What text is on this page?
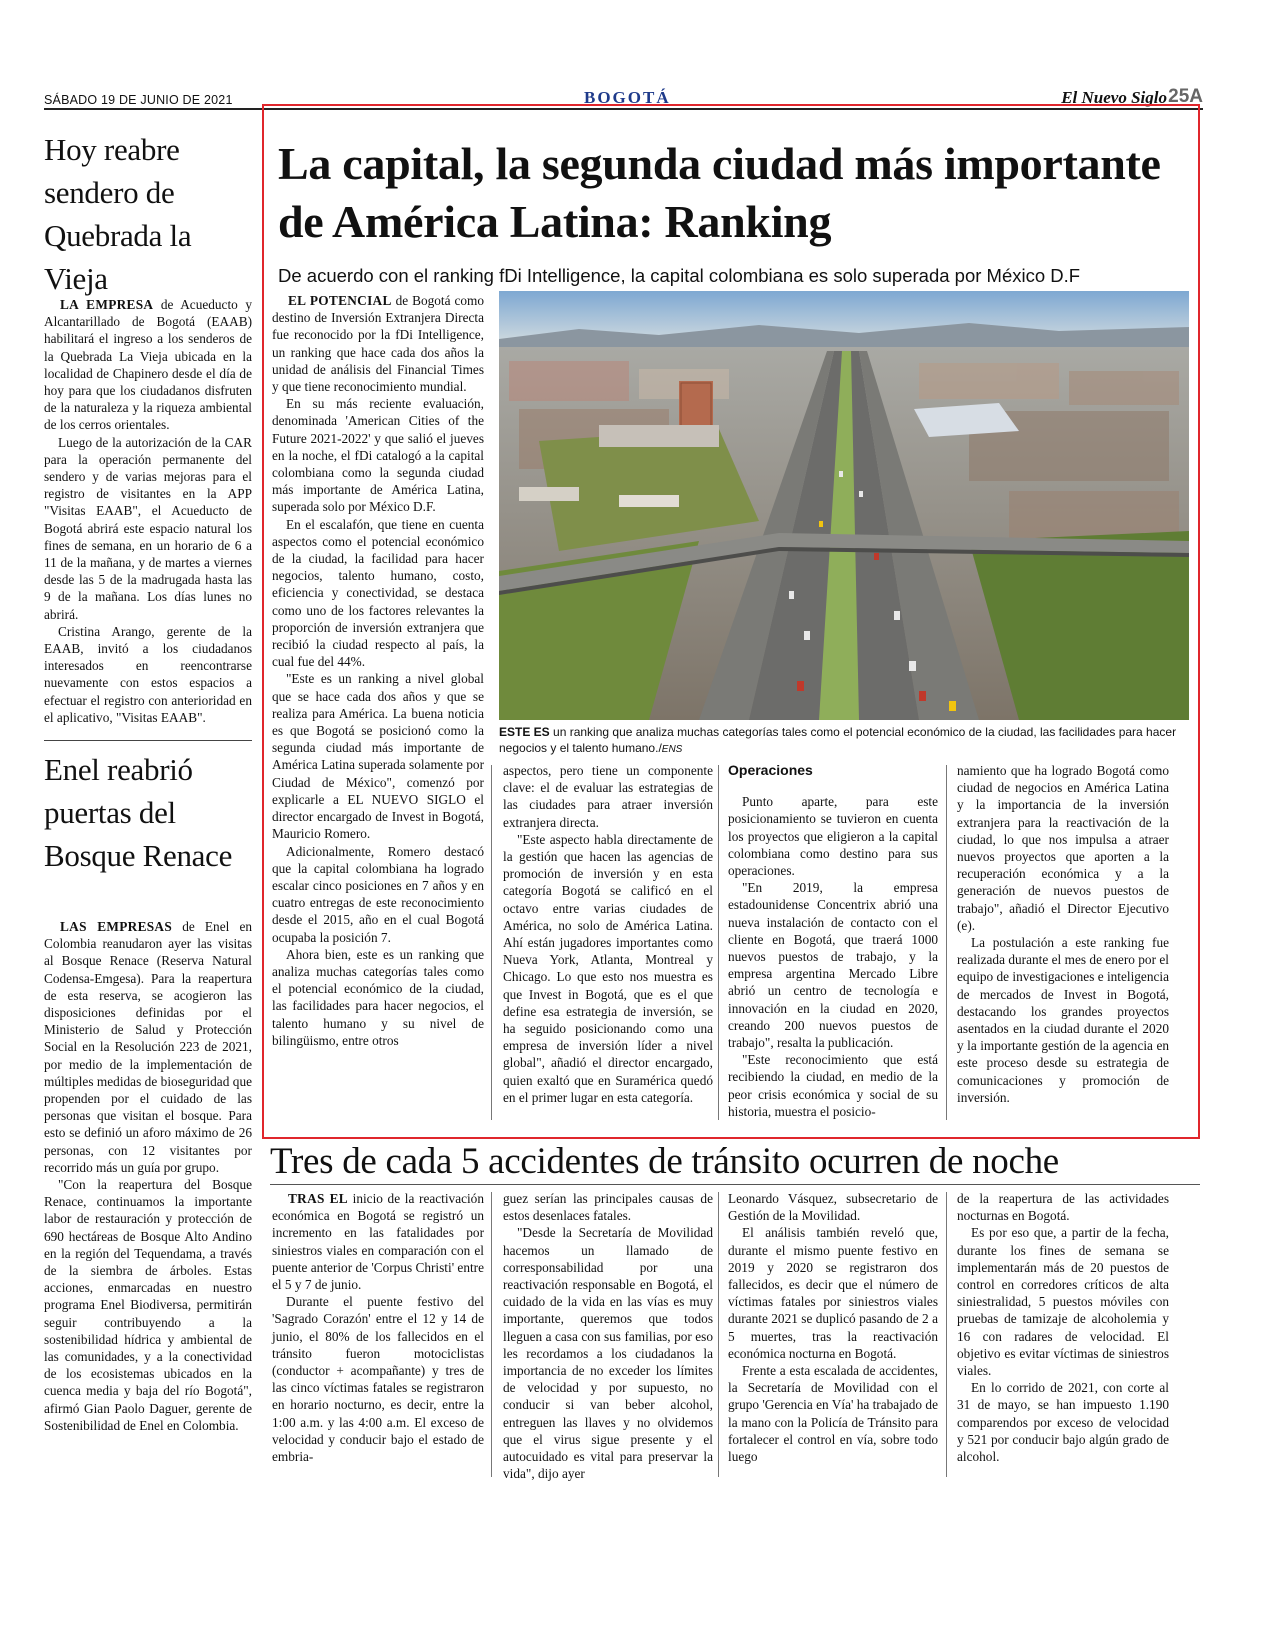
SÁBADO 19 DE JUNIO DE 2021	BOGOTÁ	El Nuevo Siglo 25A
Hoy reabre sendero de Quebrada la Vieja

LA EMPRESA de Acueducto y Alcantarillado de Bogotá (EAAB) habilitará el ingreso a los senderos de la Quebrada La Vieja ubicada en la localidad de Chapinero desde el día de hoy para que los ciudadanos disfruten de la naturaleza y la riqueza ambiental de los cerros orientales.

Luego de la autorización de la CAR para la operación permanente del sendero y de varias mejoras para el registro de visitantes en la APP "Visitas EAAB", el Acueducto de Bogotá abrirá este espacio natural los fines de semana, en un horario de 6 a 11 de la mañana, y de martes a viernes desde las 5 de la madrugada hasta las 9 de la mañana. Los días lunes no abrirá.

Cristina Arango, gerente de la EAAB, invitó a los ciudadanos interesados en reencontrarse nuevamente con estos espacios a efectuar el registro con anterioridad en el aplicativo, "Visitas EAAB".

Enel reabrió puertas del Bosque Renace

LAS EMPRESAS de Enel en Colombia reanudaron ayer las visitas al Bosque Renace (Reserva Natural Codensa-Emgesa). Para la reapertura de esta reserva, se acogieron las disposiciones definidas por el Ministerio de Salud y Protección Social en la Resolución 223 de 2021, por medio de la implementación de múltiples medidas de bioseguridad que propenden por el cuidado de las personas que visitan el bosque. Para esto se definió un aforo máximo de 26 personas, con 12 visitantes por recorrido más un guía por grupo.

"Con la reapertura del Bosque Renace, continuamos la importante labor de restauración y protección de 690 hectáreas de Bosque Alto Andino en la región del Tequendama, a través de la siembra de árboles. Estas acciones, enmarcadas en nuestro programa Enel Biodiversa, permitirán seguir contribuyendo a la sostenibilidad hídrica y ambiental de las comunidades, y a la conectividad de los ecosistemas ubicados en la cuenca media y baja del río Bogotá", afirmó Gian Paolo Daguer, gerente de Sostenibilidad de Enel en Colombia.

La capital, la segunda ciudad más importante de América Latina: Ranking
De acuerdo con el ranking fDi Intelligence, la capital colombiana es solo superada por México D.F

EL POTENCIAL de Bogotá como destino de Inversión Extranjera Directa fue reconocido por la fDi Intelligence, un ranking que hace cada dos años la unidad de análisis del Financial Times y que tiene reconocimiento mundial.

En su más reciente evaluación, denominada 'American Cities of the Future 2021-2022' y que salió el jueves en la noche, el fDi catalogó a la capital colombiana como la segunda ciudad más importante de América Latina, superada solo por México D.F.

En el escalafón, que tiene en cuenta aspectos como el potencial económico de la ciudad, la facilidad para hacer negocios, talento humano, costo, eficiencia y conectividad, se destaca como uno de los factores relevantes la proporción de inversión extranjera que recibió la ciudad respecto al país, la cual fue del 44%.

"Este es un ranking a nivel global que se hace cada dos años y que se realiza para América. La buena noticia es que Bogotá se posicionó como la segunda ciudad más importante de América Latina superada solamente por Ciudad de México", comenzó por explicarle a EL NUEVO SIGLO el director encargado de Invest in Bogotá, Mauricio Romero.

Adicionalmente, Romero destacó que la capital colombiana ha logrado escalar cinco posiciones en 7 años y en cuatro entregas de este reconocimiento desde el 2015, año en el cual Bogotá ocupaba la posición 7.

Ahora bien, este es un ranking que analiza muchas categorías tales como el potencial económico de la ciudad, las facilidades para hacer negocios, el talento humano y su nivel de bilingüismo, entre otros

ESTE ES un ranking que analiza muchas categorías tales como el potencial económico de la ciudad, las facilidades para hacer negocios y el talento humano./ENS

aspectos, pero tiene un componente clave: el de evaluar las estrategias de las ciudades para atraer inversión extranjera directa.

"Este aspecto habla directamente de la gestión que hacen las agencias de promoción de inversión y en esta categoría Bogotá se calificó en el octavo entre varias ciudades de América, no solo de América Latina. Ahí están jugadores importantes como Nueva York, Atlanta, Montreal y Chicago. Lo que esto nos muestra es que Invest in Bogotá, que es el que define esa estrategia de inversión, se ha seguido posicionando como una empresa de inversión líder a nivel global", añadió el director encargado, quien exaltó que en Suramérica quedó en el primer lugar en esta categoría.

Operaciones

Punto aparte, para este posicionamiento se tuvieron en cuenta los proyectos que eligieron a la capital colombiana como destino para sus operaciones.

"En 2019, la empresa estadounidense Concentrix abrió una nueva instalación de contacto con el cliente en Bogotá, que traerá 1000 nuevos puestos de trabajo, y la empresa argentina Mercado Libre abrió un centro de tecnología e innovación en la ciudad en 2020, creando 200 nuevos puestos de trabajo", resalta la publicación.

"Este reconocimiento que está recibiendo la ciudad, en medio de la peor crisis económica y social de su historia, muestra el posicio-

namiento que ha logrado Bogotá como ciudad de negocios en América Latina y la importancia de la inversión extranjera para la reactivación de la ciudad, lo que nos impulsa a atraer nuevos proyectos que aporten a la recuperación económica y a la generación de nuevos puestos de trabajo", añadió el Director Ejecutivo (e).

La postulación a este ranking fue realizada durante el mes de enero por el equipo de investigaciones e inteligencia de mercados de Invest in Bogotá, destacando los grandes proyectos asentados en la ciudad durante el 2020 y la importante gestión de la agencia en este proceso desde su estrategia de comunicaciones y promoción de inversión.

Tres de cada 5 accidentes de tránsito ocurren de noche

TRAS EL inicio de la reactivación económica en Bogotá se registró un incremento en las fatalidades por siniestros viales en comparación con el puente anterior de 'Corpus Christi' entre el 5 y 7 de junio.

Durante el puente festivo del 'Sagrado Corazón' entre el 12 y 14 de junio, el 80% de los fallecidos en el tránsito fueron motociclistas (conductor + acompañante) y tres de las cinco víctimas fatales se registraron en horario nocturno, es decir, entre la 1:00 a.m. y las 4:00 a.m. El exceso de velocidad y conducir bajo el estado de embria-

guez serían las principales causas de estos desenlaces fatales.

"Desde la Secretaría de Movilidad hacemos un llamado de corresponsabilidad por una reactivación responsable en Bogotá, el cuidado de la vida en las vías es muy importante, queremos que todos lleguen a casa con sus familias, por eso les recordamos a los ciudadanos la importancia de no exceder los límites de velocidad y por supuesto, no conducir si van beber alcohol, entreguen las llaves y no olvidemos que el virus sigue presente y el autocuidado es vital para preservar la vida", dijo ayer

Leonardo Vásquez, subsecretario de Gestión de la Movilidad.

El análisis también reveló que, durante el mismo puente festivo en 2019 y 2020 se registraron dos fallecidos, es decir que el número de víctimas fatales por siniestros viales durante 2021 se duplicó pasando de 2 a 5 muertes, tras la reactivación económica nocturna en Bogotá.

Frente a esta escalada de accidentes, la Secretaría de Movilidad con el grupo 'Gerencia en Vía' ha trabajado de la mano con la Policía de Tránsito para fortalecer el control en vía, sobre todo luego

de la reapertura de las actividades nocturnas en Bogotá.

Es por eso que, a partir de la fecha, durante los fines de semana se implementarán más de 20 puestos de control en corredores críticos de alta siniestralidad, 5 puestos móviles con pruebas de tamizaje de alcoholemia y 16 con radares de velocidad. El objetivo es evitar víctimas de siniestros viales.

En lo corrido de 2021, con corte al 31 de mayo, se han impuesto 1.190 comparendos por exceso de velocidad y 521 por conducir bajo algún grado de alcohol.
